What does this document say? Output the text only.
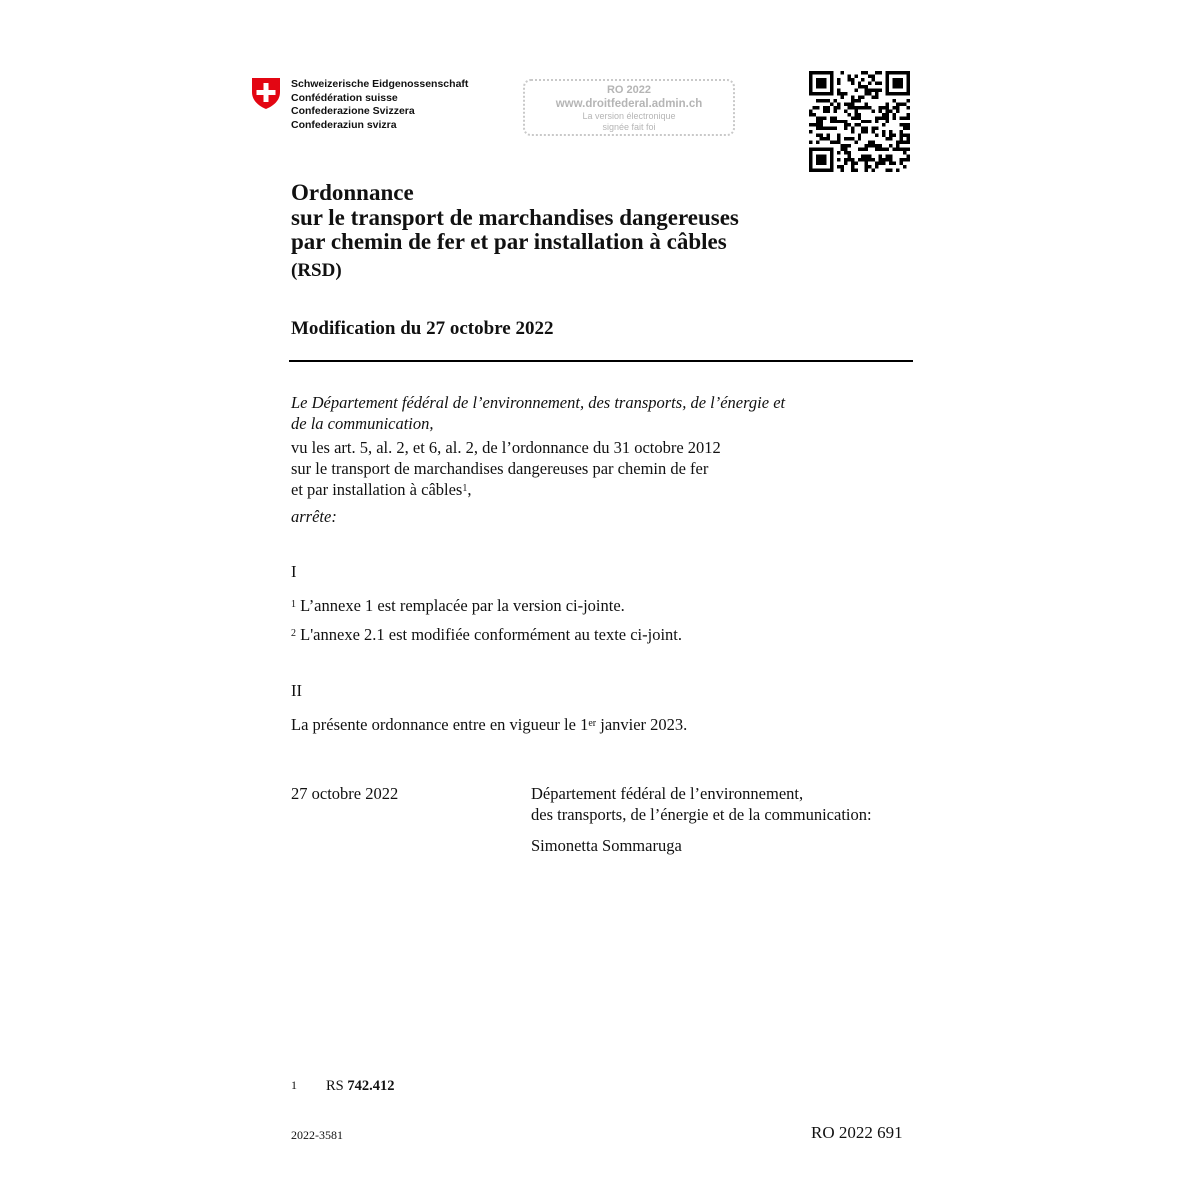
Schweizerische Eidgenossenschaft
Confédération suisse
Confederazione Svizzera
Confederaziun svizra
RO 2022
www.droitfederal.admin.ch
La version électronique
signée fait foi
Ordonnance
sur le transport de marchandises dangereuses
par chemin de fer et par installation à câbles
(RSD)
Modification du 27 octobre 2022
Le Département fédéral de l’environnement, des transports, de l’énergie et
de la communication,
vu les art. 5, al. 2, et 6, al. 2, de l’ordonnance du 31 octobre 2012
sur le transport de marchandises dangereuses par chemin de fer
et par installation à câbles$^1$,
arrête:
I
$^1$ L’annexe 1 est remplacée par la version ci-jointe.
$^2$ L'annexe 2.1 est modifiée conformément au texte ci-joint.
II
La présente ordonnance entre en vigueur le 1er janvier 2023.
27 octobre 2022	Département fédéral de l’environnement,
des transports, de l’énergie et de la communication:
Simonetta Sommaruga
1 RS 742.412
2022-3581	RO 2022 691
